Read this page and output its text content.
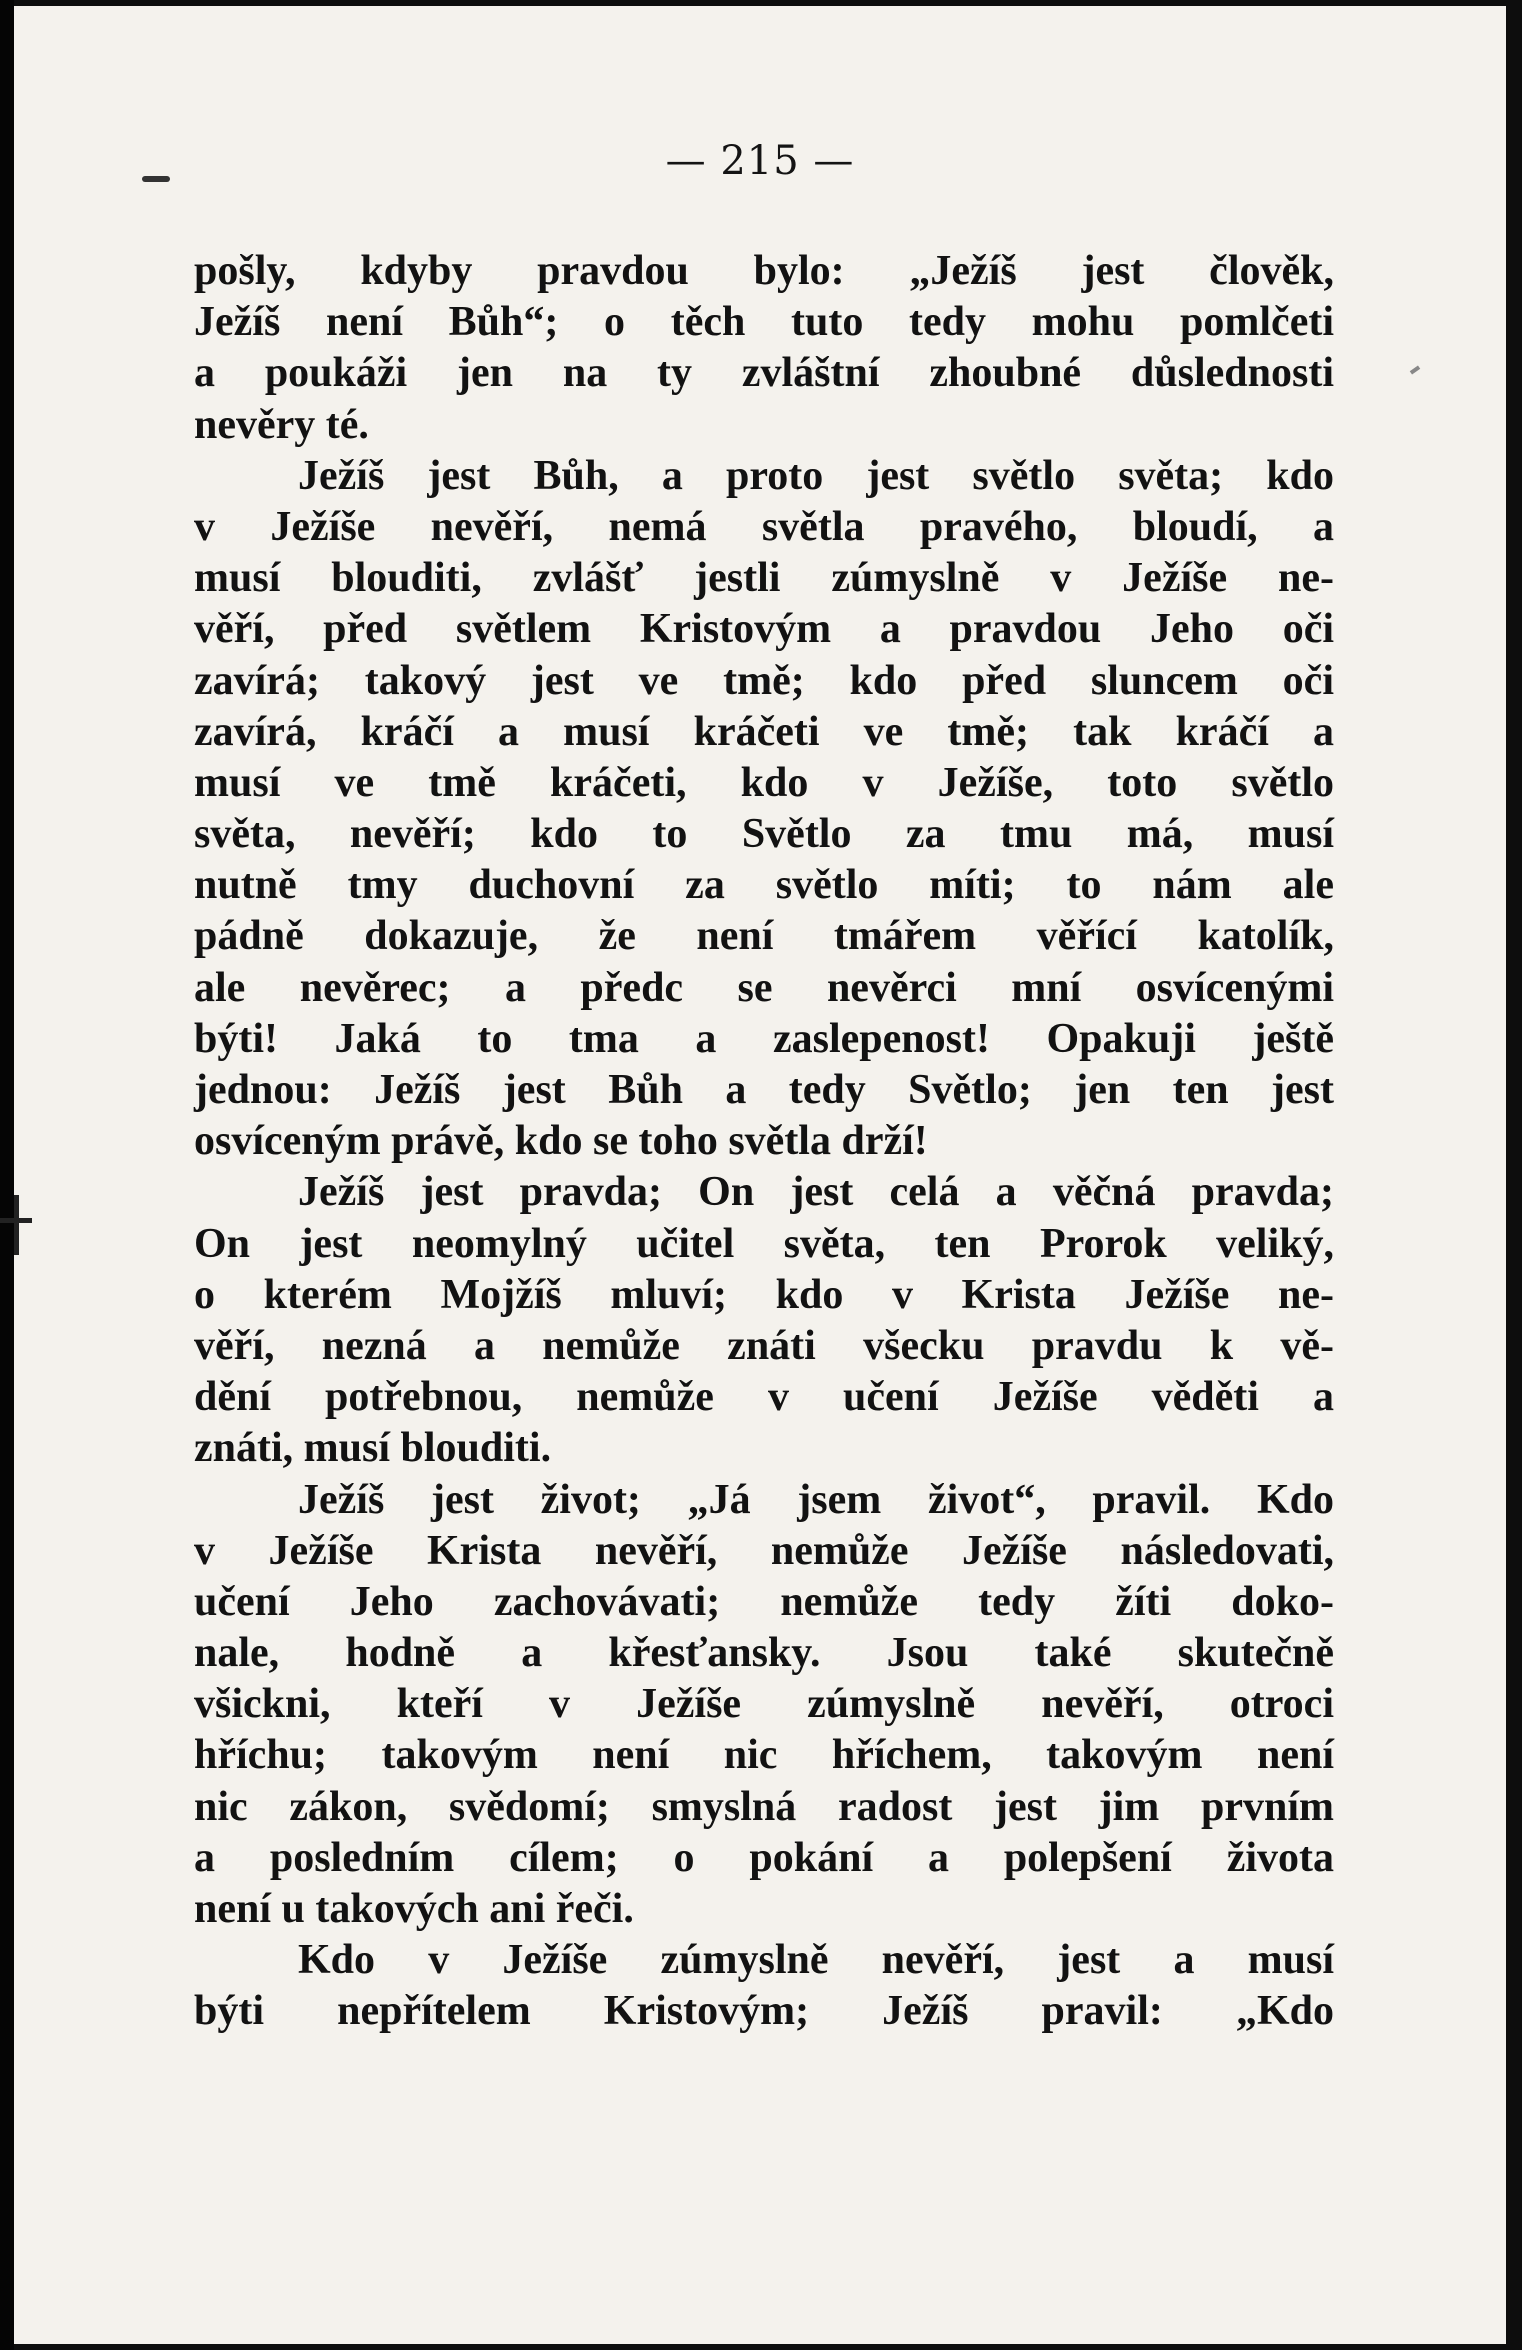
— 215 —
pošly, kdyby pravdou bylo: „Ježíš jest člověk,
Ježíš není Bůh“; o těch tuto tedy mohu pomlčeti
a poukáži jen na ty zvláštní zhoubné důslednosti
nevěry té.
Ježíš jest Bůh, a proto jest světlo světa; kdo
v Ježíše nevěří, nemá světla pravého, bloudí, a
musí blouditi, zvlášť jestli zúmyslně v Ježíše ne-
věří, před světlem Kristovým a pravdou Jeho oči
zavírá; takový jest ve tmě; kdo před sluncem oči
zavírá, kráčí a musí kráčeti ve tmě; tak kráčí a
musí ve tmě kráčeti, kdo v Ježíše, toto světlo
světa, nevěří; kdo to Světlo za tmu má, musí
nutně tmy duchovní za světlo míti; to nám ale
pádně dokazuje, že není tmářem věřící katolík,
ale nevěrec; a předc se nevěrci mní osvícenými
býti! Jaká to tma a zaslepenost! Opakuji ještě
jednou: Ježíš jest Bůh a tedy Světlo; jen ten jest
osvíceným právě, kdo se toho světla drží!
Ježíš jest pravda; On jest celá a věčná pravda;
On jest neomylný učitel světa, ten Prorok veliký,
o kterém Mojžíš mluví; kdo v Krista Ježíše ne-
věří, nezná a nemůže znáti všecku pravdu k vě-
dění potřebnou, nemůže v učení Ježíše věděti a
znáti, musí blouditi.
Ježíš jest život; „Já jsem život“, pravil. Kdo
v Ježíše Krista nevěří, nemůže Ježíše následovati,
učení Jeho zachovávati; nemůže tedy žíti doko-
nale, hodně a křesťansky. Jsou také skutečně
všickni, kteří v Ježíše zúmyslně nevěří, otroci
hříchu; takovým není nic hříchem, takovým není
nic zákon, svědomí; smyslná radost jest jim prvním
a posledním cílem; o pokání a polepšení života
není u takových ani řeči.
Kdo v Ježíše zúmyslně nevěří, jest a musí
býti nepřítelem Kristovým; Ježíš pravil: „Kdo
